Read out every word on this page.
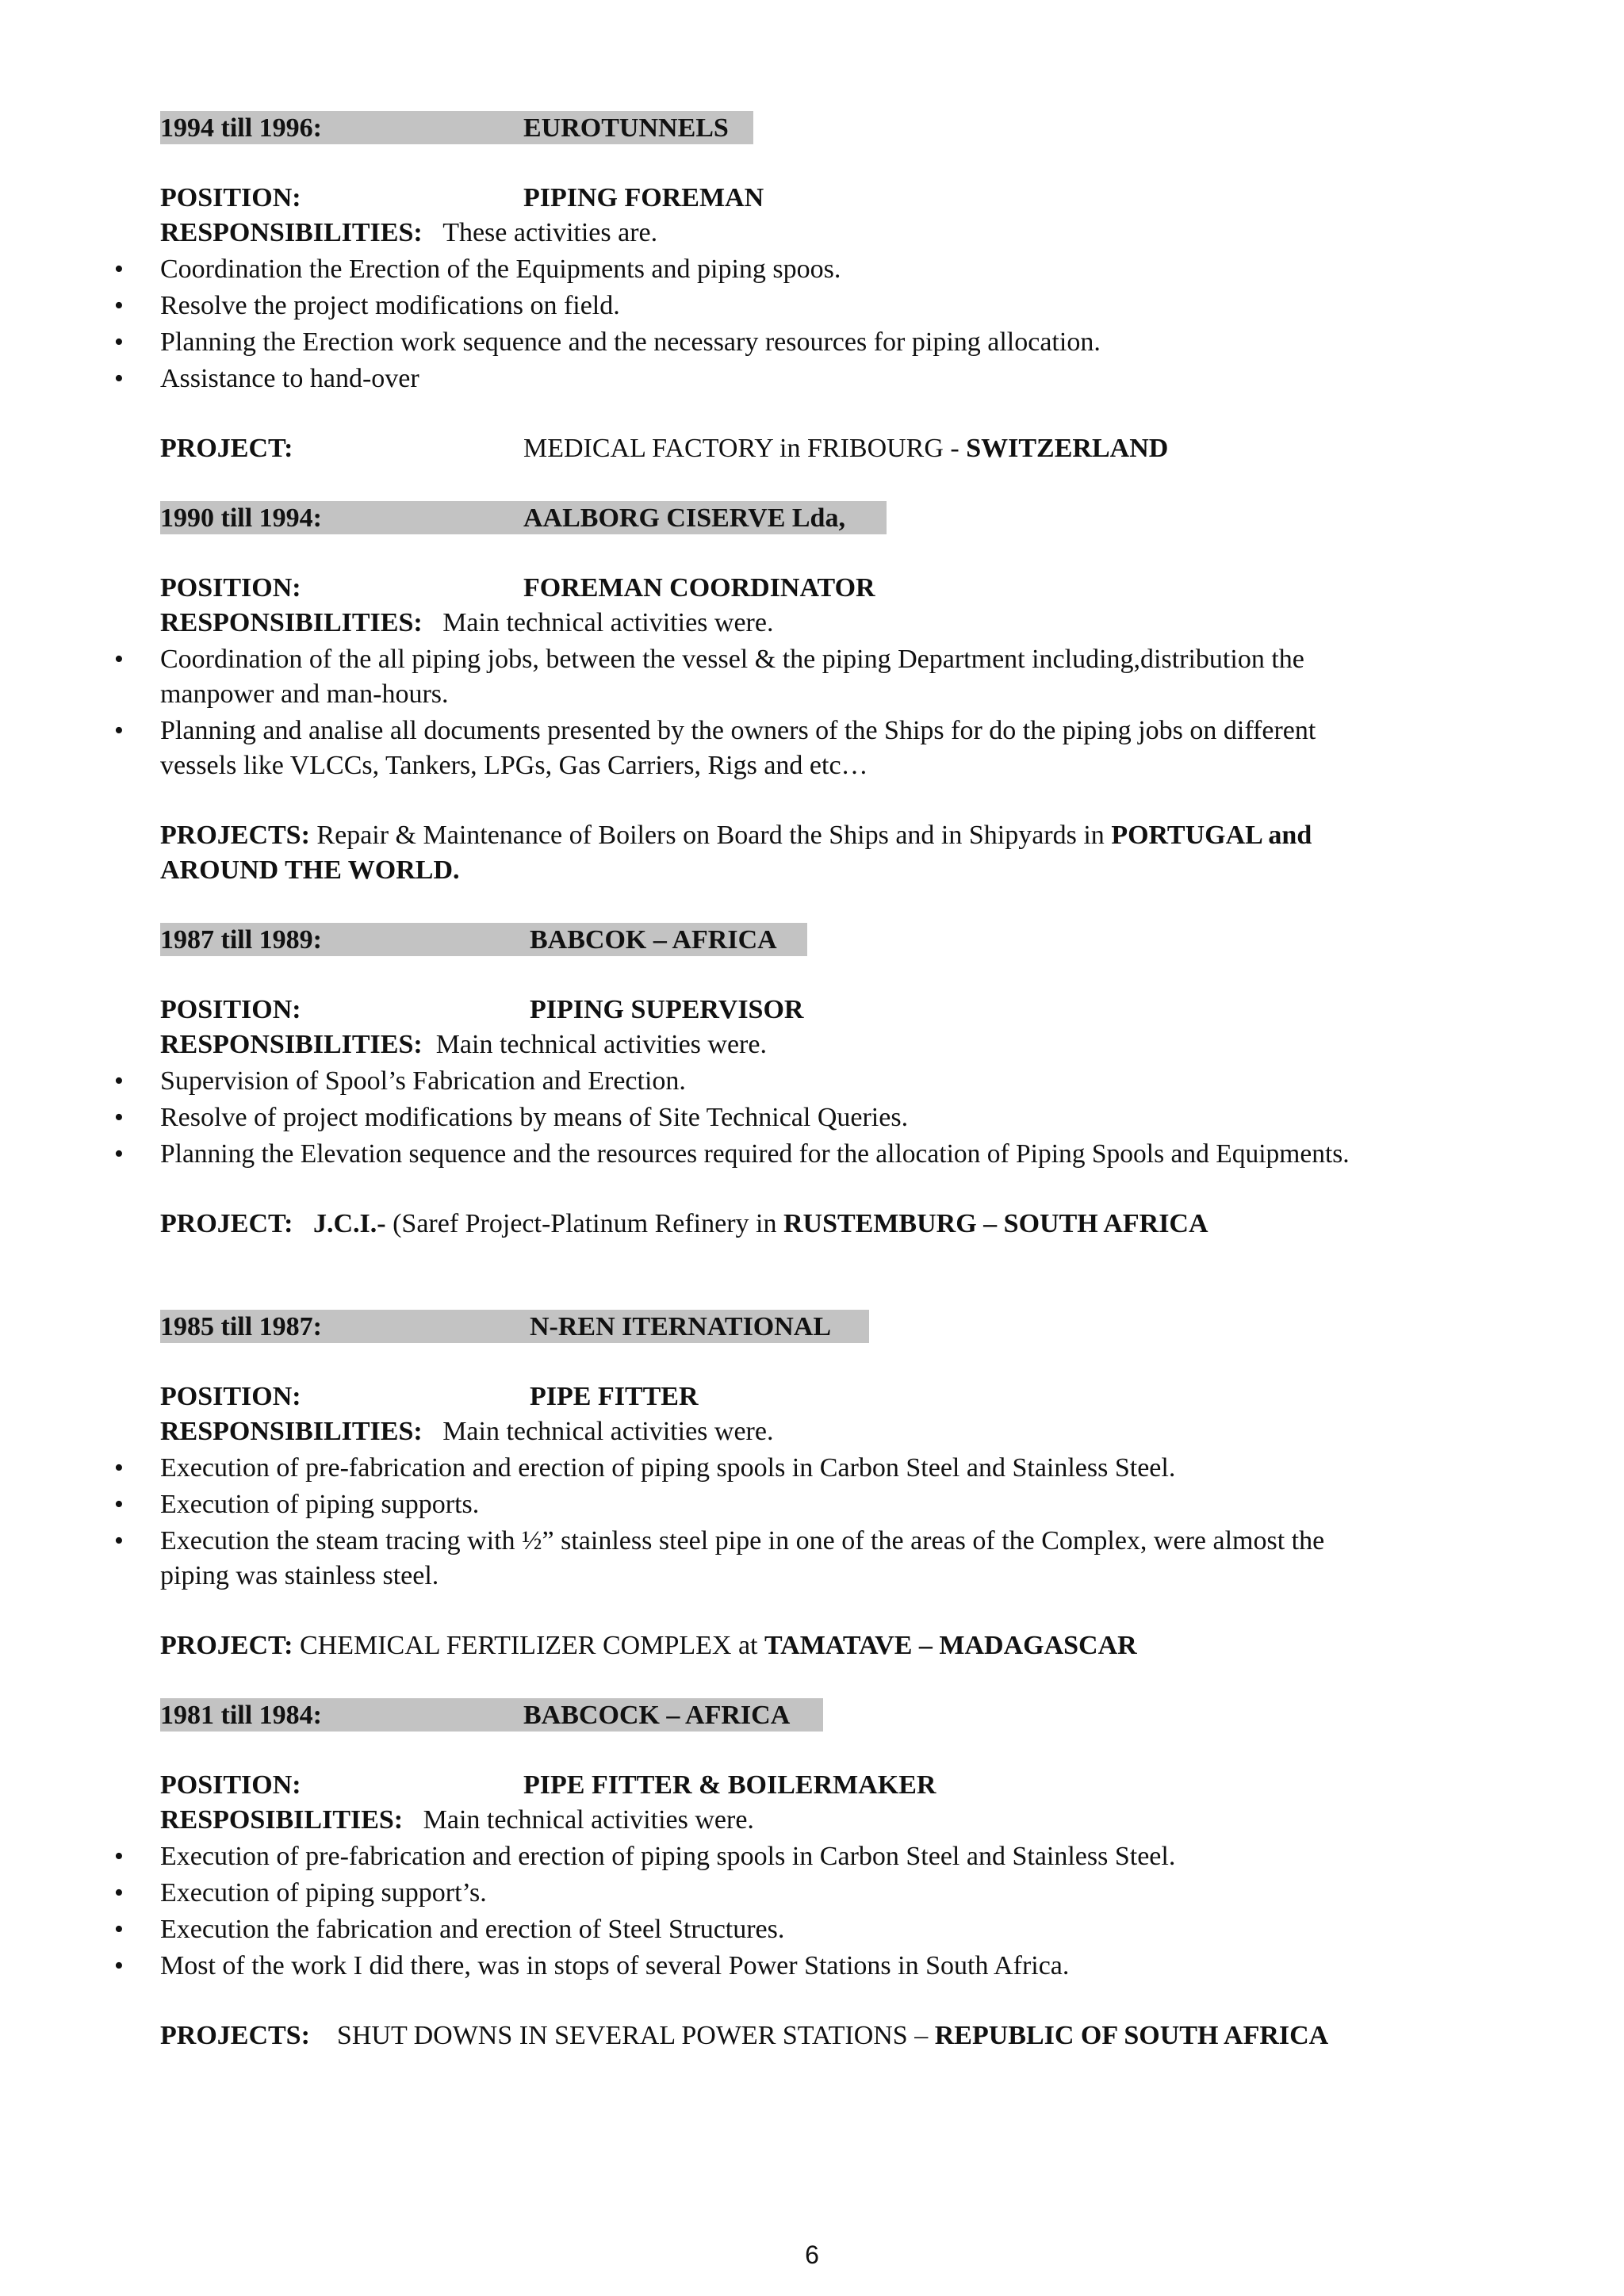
1994 till 1996:	EUROTUNNELS
POSITION:	PIPING FOREMAN
RESPONSIBILITIES: These activities are.
• Coordination the Erection of the Equipments and piping spoos.
• Resolve the project modifications on field.
• Planning the Erection work sequence and the necessary resources for piping allocation.
• Assistance to hand-over
PROJECT:	MEDICAL FACTORY in FRIBOURG - SWITZERLAND
1990 till 1994:	AALBORG CISERVE Lda,
POSITION:	FOREMAN COORDINATOR
RESPONSIBILITIES: Main technical activities were.
• Coordination of the all piping jobs, between the vessel & the piping Department including,distribution the
manpower and man-hours.
• Planning and analise all documents presented by the owners of the Ships for do the piping jobs on different
vessels like VLCCs, Tankers, LPGs, Gas Carriers, Rigs and etc…
PROJECTS: Repair & Maintenance of Boilers on Board the Ships and in Shipyards in PORTUGAL and
AROUND THE WORLD.
1987 till 1989:	BABCOK – AFRICA
POSITION:	PIPING SUPERVISOR
RESPONSIBILITIES: Main technical activities were.
• Supervision of Spool’s Fabrication and Erection.
• Resolve of project modifications by means of Site Technical Queries.
• Planning the Elevation sequence and the resources required for the allocation of Piping Spools and Equipments.
PROJECT: J.C.I.- (Saref Project-Platinum Refinery in RUSTEMBURG – SOUTH AFRICA
1985 till 1987:	N-REN ITERNATIONAL
POSITION:	PIPE FITTER
RESPONSIBILITIES: Main technical activities were.
• Execution of pre-fabrication and erection of piping spools in Carbon Steel and Stainless Steel.
• Execution of piping supports.
• Execution the steam tracing with ½” stainless steel pipe in one of the areas of the Complex, were almost the
piping was stainless steel.
PROJECT: CHEMICAL FERTILIZER COMPLEX at TAMATAVE – MADAGASCAR
1981 till 1984:	BABCOCK – AFRICA
POSITION:	PIPE FITTER & BOILERMAKER
RESPOSIBILITIES: Main technical activities were.
• Execution of pre-fabrication and erection of piping spools in Carbon Steel and Stainless Steel.
• Execution of piping support’s.
• Execution the fabrication and erection of Steel Structures.
• Most of the work I did there, was in stops of several Power Stations in South Africa.
PROJECTS: SHUT DOWNS IN SEVERAL POWER STATIONS – REPUBLIC OF SOUTH AFRICA
6
